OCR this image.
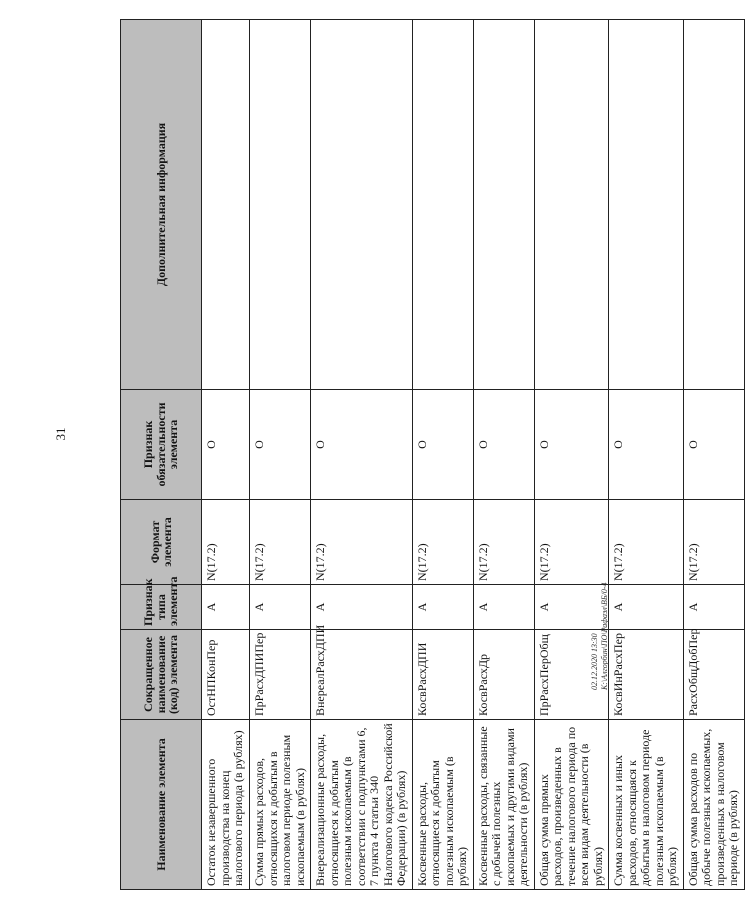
31
Наименование элемента	Сокращенное наименование (код) элемента	Признак типа элемента	Формат элемента	Признак обязательности элемента	Дополнительная информация
Остаток незавершенного производства на конец налогового периода (в рублях)	ОстНПКонПер	А	N(17.2)	О	
Сумма прямых расходов, относящихся к добытым в налоговом периоде полезным ископаемым (в рублях)	ПрРасхДПИПер	А	N(17.2)	О	
Внереализационные расходы, относящиеся к добытым полезным ископаемым (в соответствии с подпунктами 6, 7 пункта 4 статьи 340 Налогового кодекса Российской Федерации) (в рублях)	ВнереалРасхДПИ	А	N(17.2)	О	
Косвенные расходы, относящиеся к добытым полезным ископаемым (в рублях)	КосвРасхДПИ	А	N(17.2)	О	
Косвенные расходы, связанные с добычей полезных ископаемых и другими видами деятельности (в рублях)	КосвРасхДр	А	N(17.2)	О	
Общая сумма прямых расходов, произведенных в течение налогового периода по всем видам деятельности (в рублях)	ПрРасхПерОбщ	А	N(17.2)	О	
Сумма косвенных и иных расходов, относящаяся к добытым в налоговом периоде полезным ископаемым (в рублях)	КосвИнРасхПер	А	N(17.2)	О	
Общая сумма расходов по добыче полезных ископаемых, произведенных в налоговом периоде (в рублях)	РасхОбщДобПер	А	N(17.2)	О	
02.12.2020 13:30 К:\Алгорбин\ПО\Рафаэл\ВБ/0-4
